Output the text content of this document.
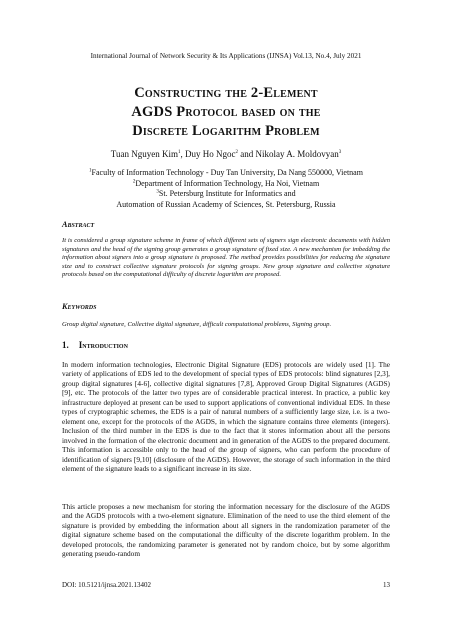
International Journal of Network Security & Its Applications (IJNSA) Vol.13, No.4, July 2021
Constructing the 2-Element
AGDS Protocol based on the
Discrete Logarithm Problem
Tuan Nguyen Kim$^1$, Duy Ho Ngoc$^2$ and Nikolay A. Moldovyan$^3$
$^1$Faculty of Information Technology - Duy Tan University, Da Nang 550000, Vietnam
$^2$Department of Information Technology, Ha Noi, Vietnam
$^3$St. Petersburg Institute for Informatics and
Automation of Russian Academy of Sciences, St. Petersburg, Russia
Abstract
It is considered a group signature scheme in frame of which different sets of signers sign electronic documents with hidden signatures and the head of the signing group generates a group signature of fixed size. A new mechanism for imbedding the information about signers into a group signature is proposed. The method provides possibilities for reducing the signature size and to construct collective signature protocols for signing groups. New group signature and collective signature protocols based on the computational difficulty of discrete logarithm are proposed.
Keywords
Group digital signature, Collective digital signature, difficult computational problems, Signing group.
1. Introduction
In modern information technologies, Electronic Digital Signature (EDS) protocols are widely used [1]. The variety of applications of EDS led to the development of special types of EDS protocols: blind signatures [2,3], group digital signatures [4-6], collective digital signatures [7,8], Approved Group Digital Signatures (AGDS) [9], etc. The protocols of the latter two types are of considerable practical interest. In practice, a public key infrastructure deployed at present can be used to support applications of conventional individual EDS. In these types of cryptographic schemes, the EDS is a pair of natural numbers of a sufficiently large size, i.e. is a two-element one, except for the protocols of the AGDS, in which the signature contains three elements (integers). Inclusion of the third number in the EDS is due to the fact that it stores information about all the persons involved in the formation of the electronic document and in generation of the AGDS to the prepared document. This information is accessible only to the head of the group of signers, who can perform the procedure of identification of signers [9,10] (disclosure of the AGDS). However, the storage of such information in the third element of the signature leads to a significant increase in its size.
This article proposes a new mechanism for storing the information necessary for the disclosure of the AGDS and the AGDS protocols with a two-element signature. Elimination of the need to use the third element of the signature is provided by embedding the information about all signers in the randomization parameter of the digital signature scheme based on the computational the difficulty of the discrete logarithm problem. In the developed protocols, the randomizing parameter is generated not by random choice, but by some algorithm generating pseudo-random
DOI: 10.5121/ijnsa.2021.13402	13
